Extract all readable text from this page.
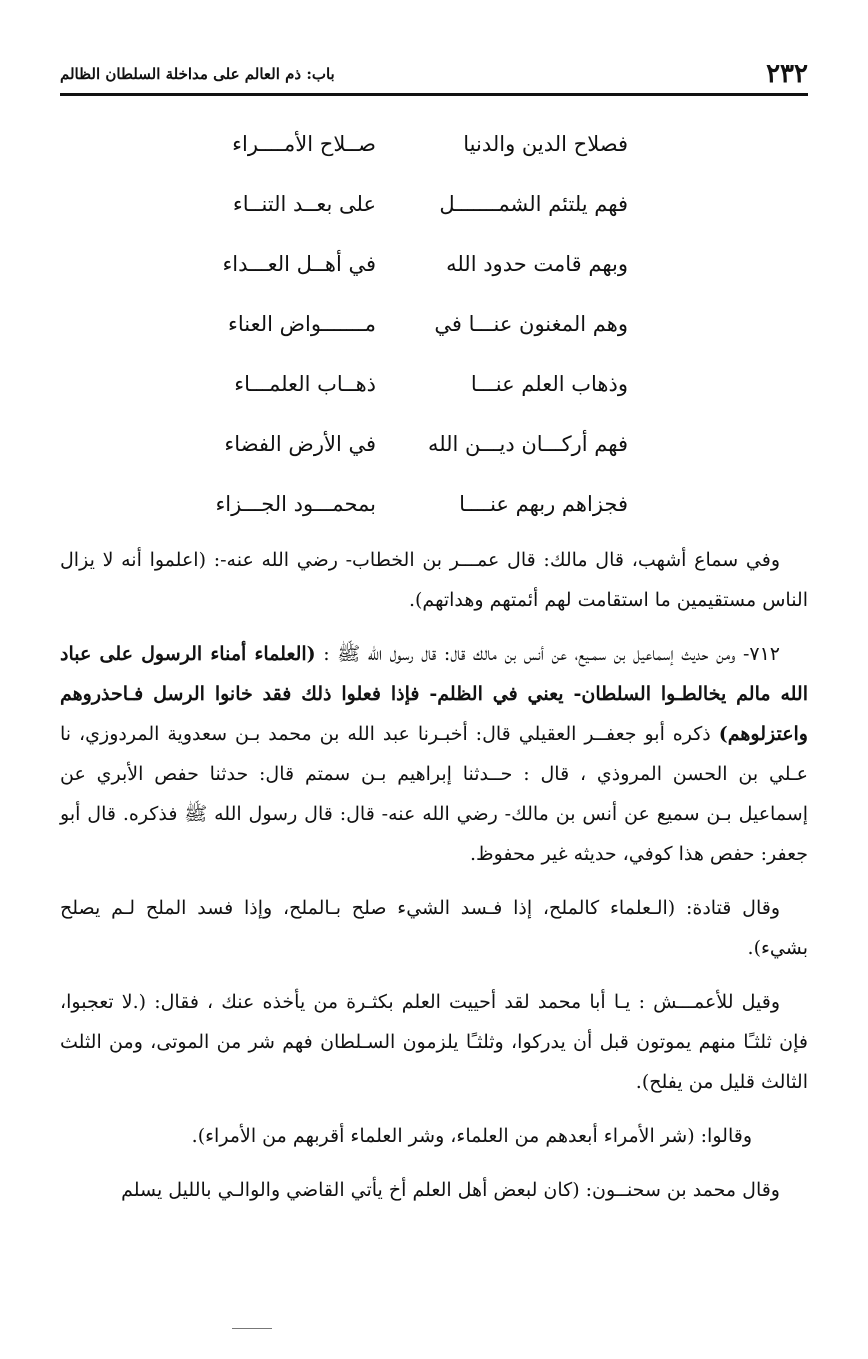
٢٣٢
باب: ذم العالم على مداخلة السلطان الظالم
فصلاح الدين والدنيا
صــلاح الأمــــراء
فهم يلتئم الشمـــــــل
على بعــد التنــاء
وبهم قامت حدود الله
في أهــل العـــداء
وهم المغنون عنـــا في
مـــــــواض العناء
وذهاب العلم عنـــا
ذهــاب العلمـــاء
فهم أركـــان ديـــن الله
في الأرض الفضاء
فجزاهم ربهم عنــــا
بمحمـــود الجـــزاء

وفي سماع أشهب، قال مالك: قال عمـــر بن الخطاب- رضي الله عنه-: (اعلموا أنه لا يزال الناس مستقيمين ما استقامت لهم أئمتهم وهداتهم).

٧١٢- ومن حديث إسماعيل بن سمـيع، عن أنس بن مالك قال: قال رسول الله ﷺ : (العلماء أمناء الرسول على عباد الله مالم يخالطـوا السلطان- يعني في الظلم- فإذا فعلوا ذلك فقد خانوا الرسل فـاحذروهم واعتزلوهم) ذكره أبو جعفــر العقيلي قال: أخبـرنا عبد الله بن محمد بـن سعدوية المردوزي، نا عـلي بن الحسن المروذي ، قال : حــدثنا إبراهيم بـن سمتم قال: حدثنا حفص الأبري عن إسماعيل بـن سميع عن أنس بن مالك- رضي الله عنه- قال: قال رسول الله ﷺ فذكره. قال أبو جعفر: حفص هذا كوفي، حديثه غير محفوظ.

وقال قتادة: (الـعلماء كالملح، إذا فـسد الشيء صلح بـالملح، وإذا فسد الملح لـم يصلح بشيء).

وقيل للأعمـــش : يـا أبا محمد لقد أحييت العلم بكثـرة من يأخذه عنك ، فقال: (.لا تعجبوا، فإن ثلثـًا منهم يموتون قبل أن يدركوا، وثلثـًا يلزمون السـلطان فهم شر من الموتى، ومن الثلث الثالث قليل من يفلح).

وقالوا: (شر الأمراء أبعدهم من العلماء، وشر العلماء أقربهم من الأمراء).

وقال محمد بن سحنــون: (كان لبعض أهل العلم أخ يأتي القاضي والوالـي بالليل يسلم
